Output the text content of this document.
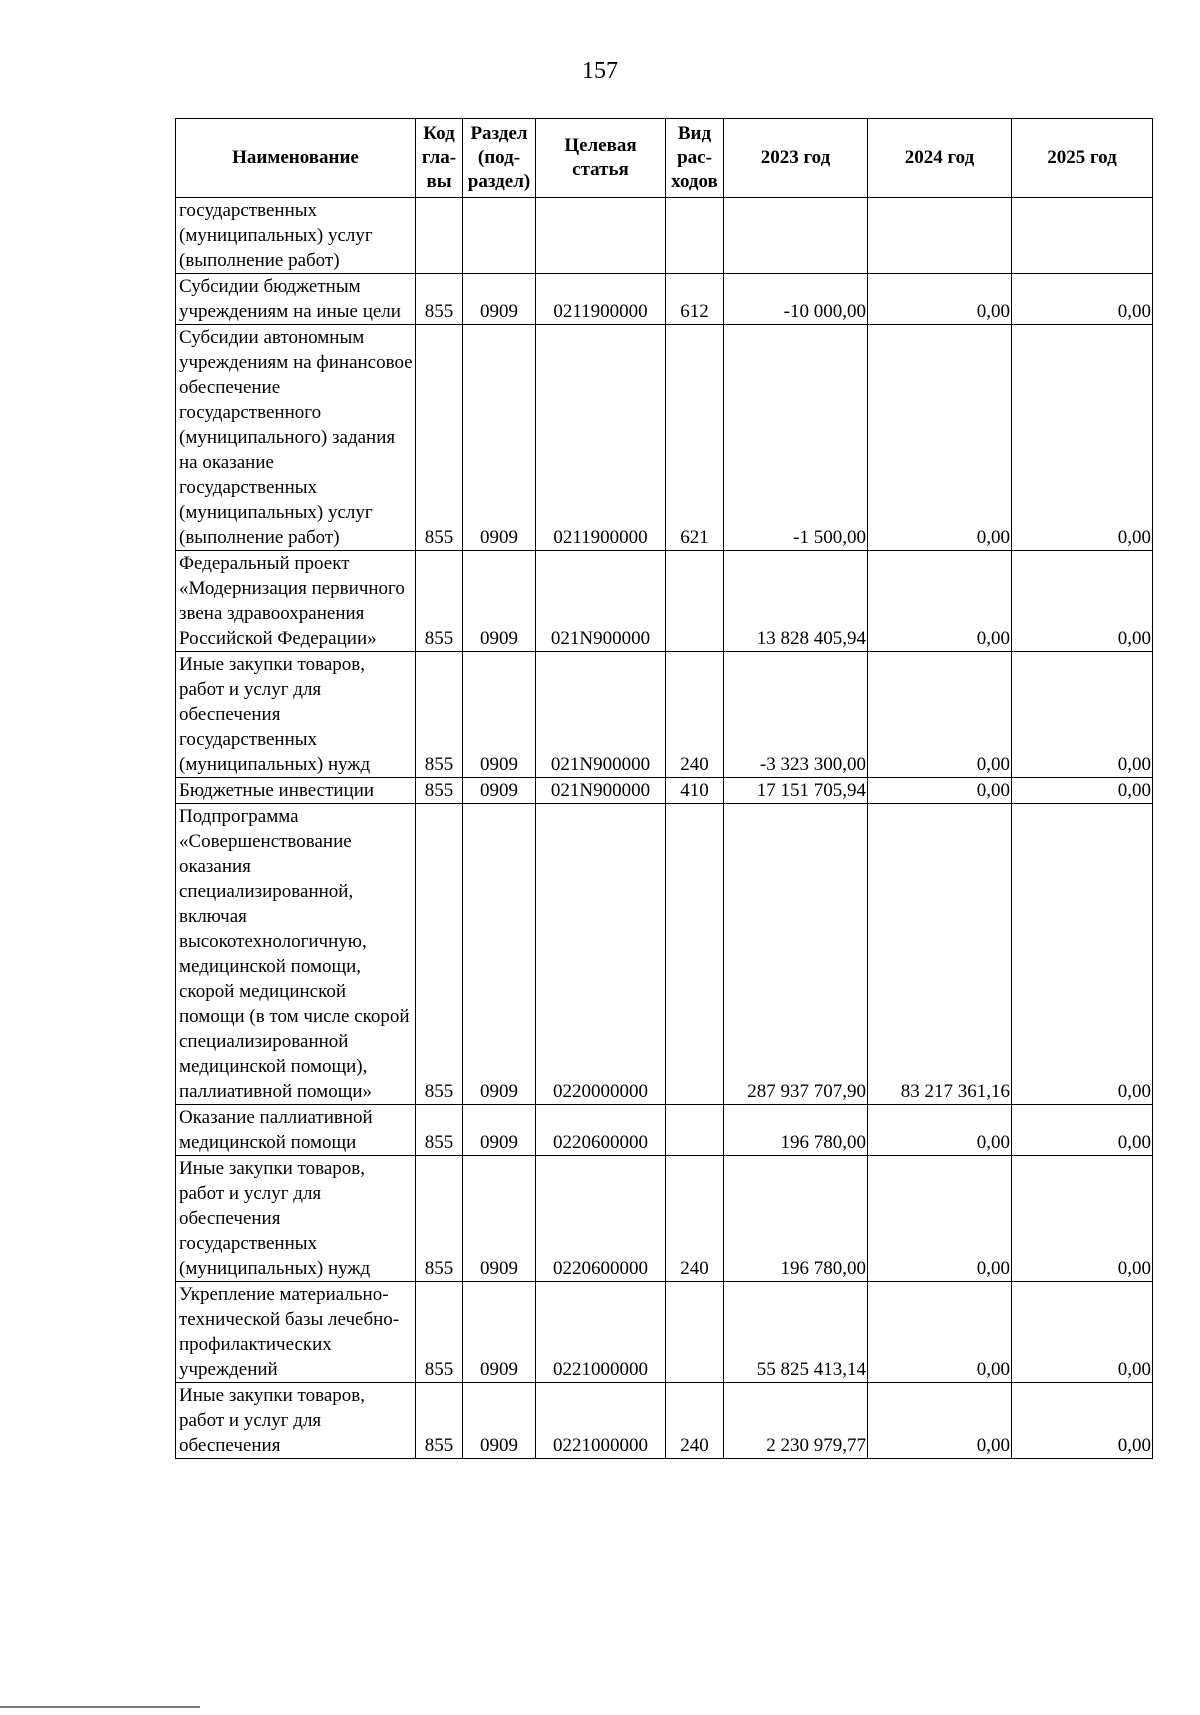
157
Наименование	Код гла- вы	Раздел (под- раздел)	Целевая статья	Вид рас- ходов	2023 год	2024 год	2025 год
государственных (муниципальных) услуг (выполнение работ)							
Субсидии бюджетным учреждениям на иные цели	855	0909	0211900000	612	-10 000,00	0,00	0,00
Субсидии автономным учреждениям на финансовое обеспечение государственного (муниципального) задания на оказание государственных (муниципальных) услуг (выполнение работ)	855	0909	0211900000	621	-1 500,00	0,00	0,00
Федеральный проект «Модернизация первичного звена здравоохранения Российской Федерации»	855	0909	021N900000		13 828 405,94	0,00	0,00
Иные закупки товаров, работ и услуг для обеспечения государственных (муниципальных) нужд	855	0909	021N900000	240	-3 323 300,00	0,00	0,00
Бюджетные инвестиции	855	0909	021N900000	410	17 151 705,94	0,00	0,00
Подпрограмма «Совершенствование оказания специализированной, включая высокотехнологичную, медицинской помощи, скорой медицинской помощи (в том числе скорой специализированной медицинской помощи), паллиативной помощи»	855	0909	0220000000		287 937 707,90	83 217 361,16	0,00
Оказание паллиативной медицинской помощи	855	0909	0220600000		196 780,00	0,00	0,00
Иные закупки товаров, работ и услуг для обеспечения государственных (муниципальных) нужд	855	0909	0220600000	240	196 780,00	0,00	0,00
Укрепление материально-технической базы лечебно-профилактических учреждений	855	0909	0221000000		55 825 413,14	0,00	0,00
Иные закупки товаров, работ и услуг для обеспечения	855	0909	0221000000	240	2 230 979,77	0,00	0,00
